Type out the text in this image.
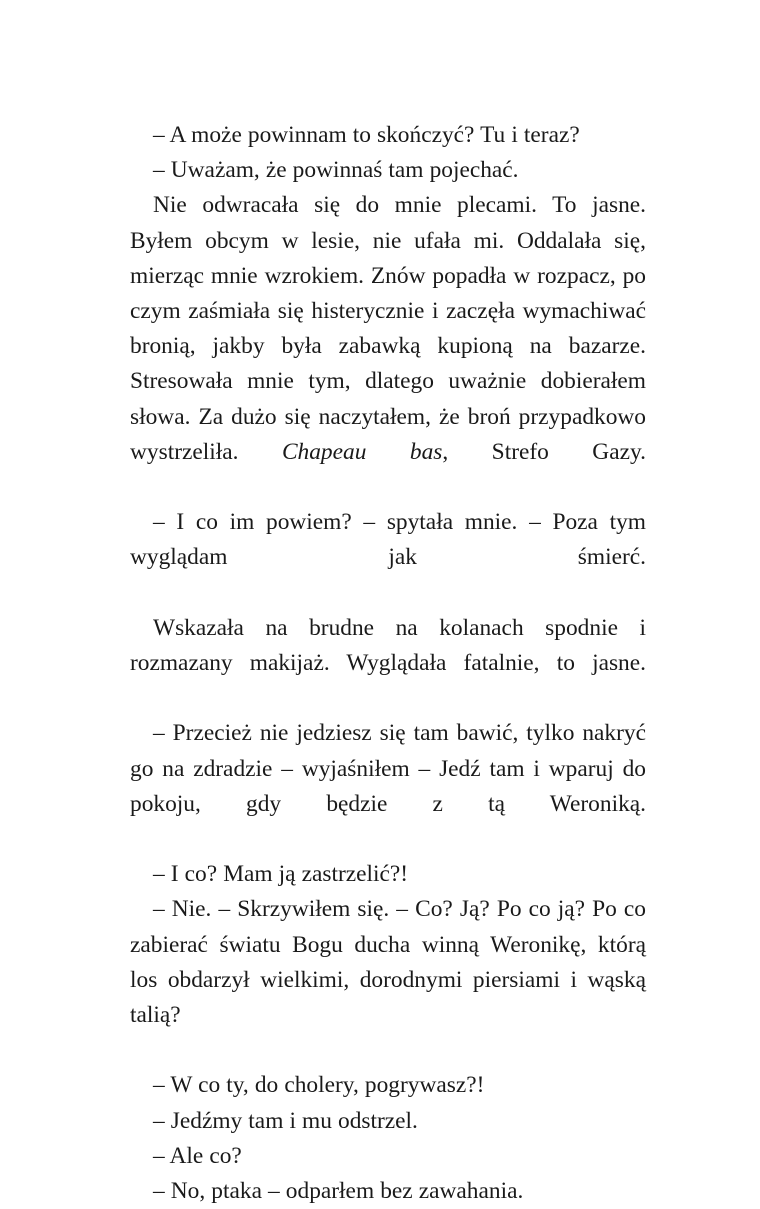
– A może powinnam to skończyć? Tu i teraz?

– Uważam, że powinnaś tam pojechać.

Nie odwracała się do mnie plecami. To jasne. Byłem obcym w lesie, nie ufała mi. Oddalała się, mierząc mnie wzrokiem. Znów popadła w rozpacz, po czym zaśmiała się histerycznie i zaczęła wymachiwać bronią, jakby była zabawką kupioną na bazarze. Stresowała mnie tym, dlatego uważnie dobierałem słowa. Za dużo się naczytałem, że broń przypadkowo wystrzeliła. Chapeau bas, Strefo Gazy.

– I co im powiem? – spytała mnie. – Poza tym wyglądam jak śmierć.

Wskazała na brudne na kolanach spodnie i rozmazany makijaż. Wyglądała fatalnie, to jasne.

– Przecież nie jedziesz się tam bawić, tylko nakryć go na zdradzie – wyjaśniłem – Jedź tam i wparuj do pokoju, gdy będzie z tą Weroniką.

– I co? Mam ją zastrzelić?!

– Nie. – Skrzywiłem się. – Co? Ją? Po co ją? Po co zabierać światu Bogu ducha winną Weronikę, którą los obdarzył wielkimi, dorodnymi piersiami i wąską talią?

– W co ty, do cholery, pogrywasz?!

– Jedźmy tam i mu odstrzel.

– Ale co?

– No, ptaka – odparłem bez zawahania.
